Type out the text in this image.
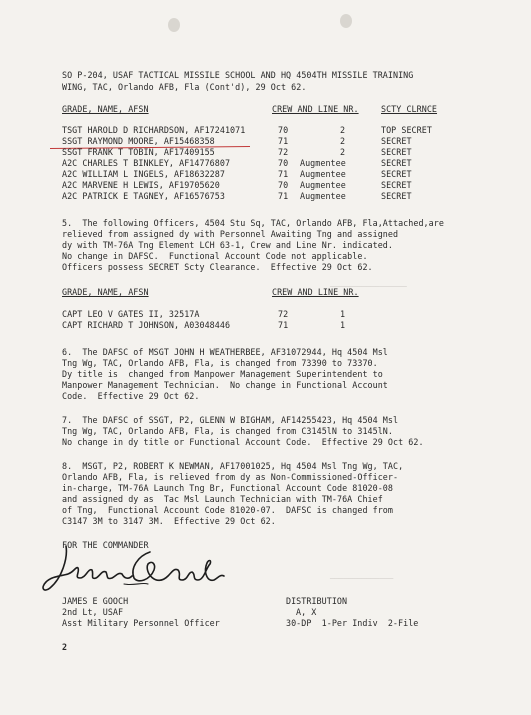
─────────────────
──────────────
SO P-204, USAF TACTICAL MISSILE SCHOOL AND HQ 4504TH MISSILE TRAINING
WING, TAC, Orlando AFB, Fla (Cont'd), 29 Oct 62.
GRADE, NAME, AFSN	CREW AND LINE NR.	SCTY CLRNCE
TSGT HAROLD D RICHARDSON, AF17241071	70	2	TOP SECRET
SSGT RAYMOND MOORE, AF15468358	71	2	SECRET
SSGT FRANK T TOBIN, AF17409155	72	2	SECRET
A2C CHARLES T BINKLEY, AF14776807	70 Augmentee	SECRET
A2C WILLIAM L INGELS, AF18632287	71 Augmentee	SECRET
A2C MARVENE H LEWIS, AF19705620	70 Augmentee	SECRET
A2C PATRICK E TAGNEY, AF16576753	71 Augmentee	SECRET
5.  The following Officers, 4504 Stu Sq, TAC, Orlando AFB, Fla,Attached,are
relieved from assigned dy with Personnel Awaiting Tng and assigned
dy with TM-76A Tng Element LCH 63-1, Crew and Line Nr. indicated.
No change in DAFSC.  Functional Account Code not applicable.
Officers possess SECRET Scty Clearance.  Effective 29 Oct 62.
GRADE, NAME, AFSN	CREW AND LINE NR.
CAPT LEO V GATES II, 32517A	72	1
CAPT RICHARD T JOHNSON, A03048446	71	1
6.  The DAFSC of MSGT JOHN H WEATHERBEE, AF31072944, Hq 4504 Msl
Tng Wg, TAC, Orlando AFB, Fla, is changed from 73390 to 73370.
Dy title is  changed from Manpower Management Superintendent to
Manpower Management Technician.  No change in Functional Account
Code.  Effective 29 Oct 62.
7.  The DAFSC of SSGT, P2, GLENN W BIGHAM, AF14255423, Hq 4504 Msl
Tng Wg, TAC, Orlando AFB, Fla, is changed from C3145lN to 3145lN.
No change in dy title or Functional Account Code.  Effective 29 Oct 62.
8.  MSGT, P2, ROBERT K NEWMAN, AF17001025, Hq 4504 Msl Tng Wg, TAC,
Orlando AFB, Fla, is relieved from dy as Non-Commissioned-Officer-
in-charge, TM-76A Launch Tng Br, Functional Account Code 81020-08
and assigned dy as  Tac Msl Launch Technician with TM-76A Chief
of Tng,  Functional Account Code 81020-07.  DAFSC is changed from
C3147 3M to 3147 3M.  Effective 29 Oct 62.
FOR THE COMMANDER
JAMES E GOOCH
2nd Lt, USAF
Asst Military Personnel Officer
DISTRIBUTION
A, X
30-DP  1-Per Indiv  2-File
2
